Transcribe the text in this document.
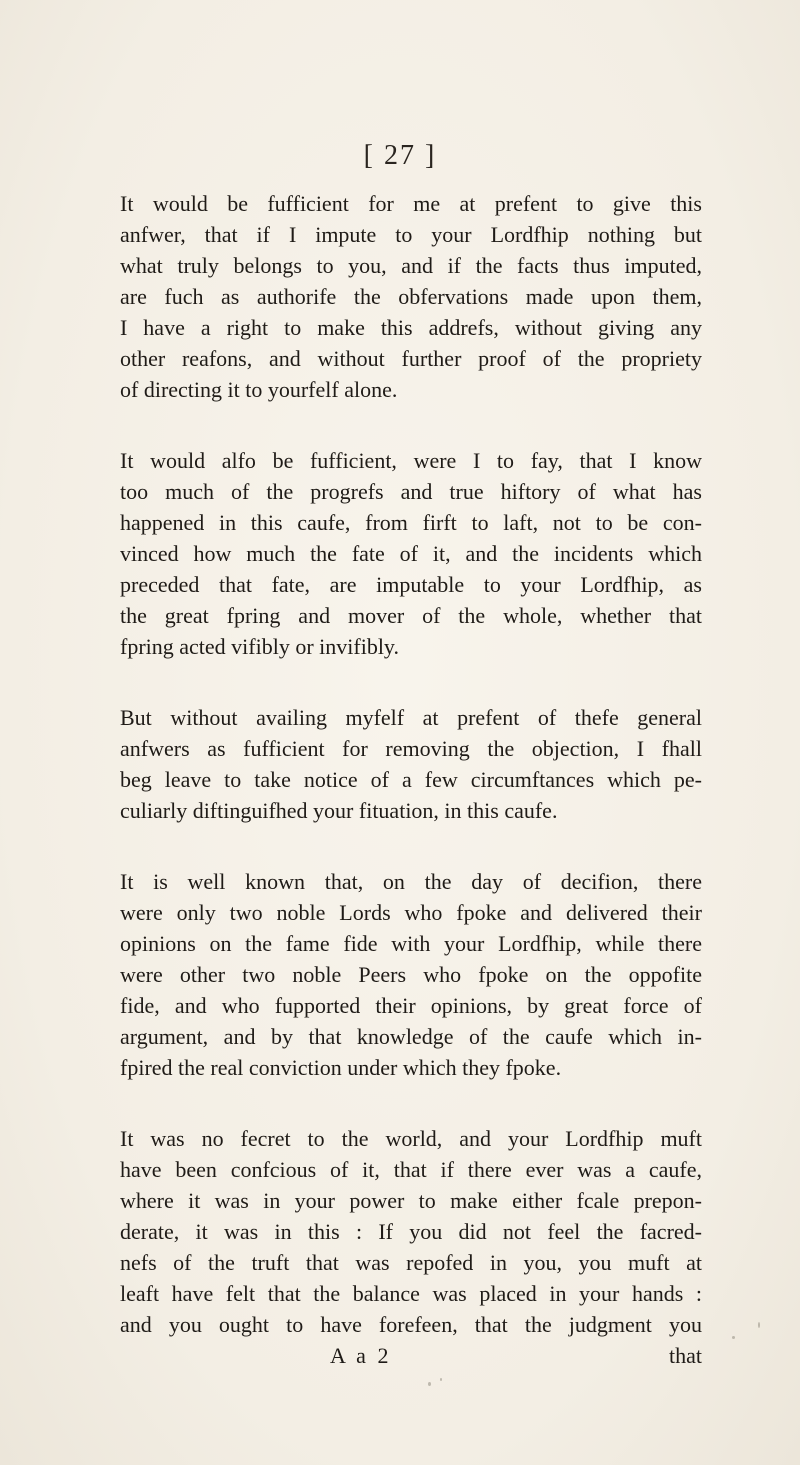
[ 27 ]

It would be fufficient for me at prefent to give this
anfwer, that if I impute to your Lordfhip nothing but
what truly belongs to you, and if the facts thus imputed,
are fuch as authorife the obfervations made upon them,
I have a right to make this addrefs, without giving any
other reafons, and without further proof of the propriety
of directing it to yourfelf alone.

It would alfo be fufficient, were I to fay, that I know
too much of the progrefs and true hiftory of what has
happened in this caufe, from firft to laft, not to be con-
vinced how much the fate of it, and the incidents which
preceded that fate, are imputable to your Lordfhip, as
the great fpring and mover of the whole, whether that
fpring acted vifibly or invifibly.

But without availing myfelf at prefent of thefe general
anfwers as fufficient for removing the objection, I fhall
beg leave to take notice of a few circumftances which pe-
culiarly diftinguifhed your fituation, in this caufe.

It is well known that, on the day of decifion, there
were only two noble Lords who fpoke and delivered their
opinions on the fame fide with your Lordfhip, while there
were other two noble Peers who fpoke on the oppofite
fide, and who fupported their opinions, by great force of
argument, and by that knowledge of the caufe which in-
fpired the real conviction under which they fpoke.

It was no fecret to the world, and your Lordfhip muft
have been confcious of it, that if there ever was a caufe,
where it was in your power to make either fcale prepon-
derate, it was in this : If you did not feel the facred-
nefs of the truft that was repofed in you, you muft at
leaft have felt that the balance was placed in your hands :
and you ought to have forefeen, that the judgment you

A a 2	that
